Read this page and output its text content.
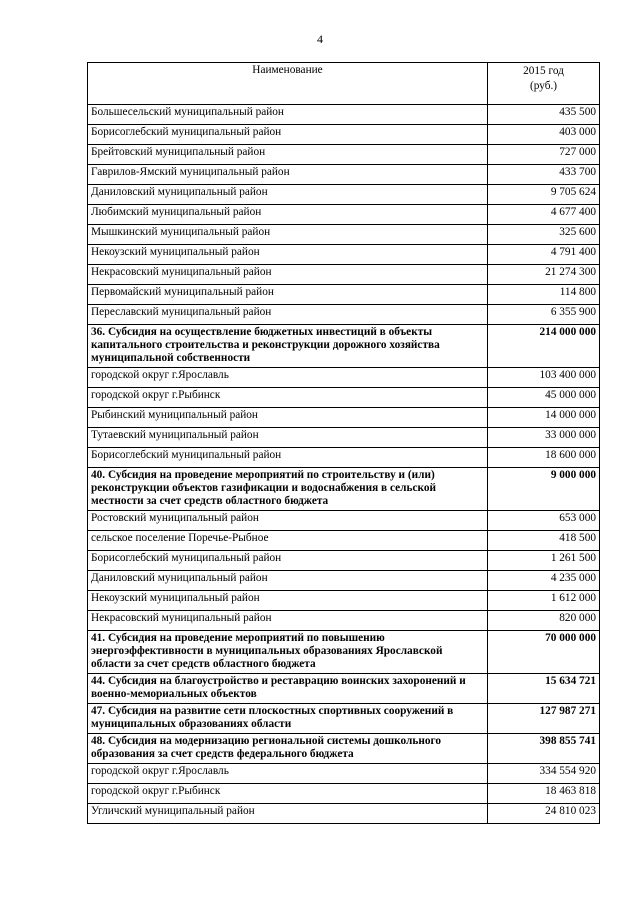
4
Наименование	2015 год
(руб.)

Большесельский муниципальный район	435 500
Борисоглебский муниципальный район	403 000
Брейтовский муниципальный район	727 000
Гаврилов-Ямский муниципальный район	433 700
Даниловский муниципальный район	9 705 624
Любимский муниципальный район	4 677 400
Мышкинский муниципальный район	325 600
Некоузский муниципальный район	4 791 400
Некрасовский муниципальный район	21 274 300
Первомайский муниципальный район	114 800
Переславский муниципальный район	6 355 900
36. Субсидия на осуществление бюджетных инвестиций в объекты капитального строительства и реконструкции дорожного хозяйства муниципальной собственности	214 000 000
городской округ г.Ярославль	103 400 000
городской округ г.Рыбинск	45 000 000
Рыбинский муниципальный район	14 000 000
Тутаевский муниципальный район	33 000 000
Борисоглебский муниципальный район	18 600 000
40. Субсидия на проведение мероприятий по строительству и (или) реконструкции объектов газификации и водоснабжения в сельской местности за счет средств областного бюджета	9 000 000
Ростовский муниципальный район	653 000
сельское поселение Поречье-Рыбное	418 500
Борисоглебский муниципальный район	1 261 500
Даниловский муниципальный район	4 235 000
Некоузский муниципальный район	1 612 000
Некрасовский муниципальный район	820 000
41. Субсидия на проведение мероприятий по повышению энергоэффективности в муниципальных образованиях Ярославской области за счет средств областного бюджета	70 000 000
44. Субсидия на благоустройство и реставрацию воинских захоронений и военно-мемориальных объектов	15 634 721
47. Субсидия на развитие сети плоскостных спортивных сооружений в муниципальных образованиях области	127 987 271
48. Субсидия на модернизацию региональной системы дошкольного образования за счет средств федерального бюджета	398 855 741
городской округ г.Ярославль	334 554 920
городской округ г.Рыбинск	18 463 818
Угличский муниципальный район	24 810 023
